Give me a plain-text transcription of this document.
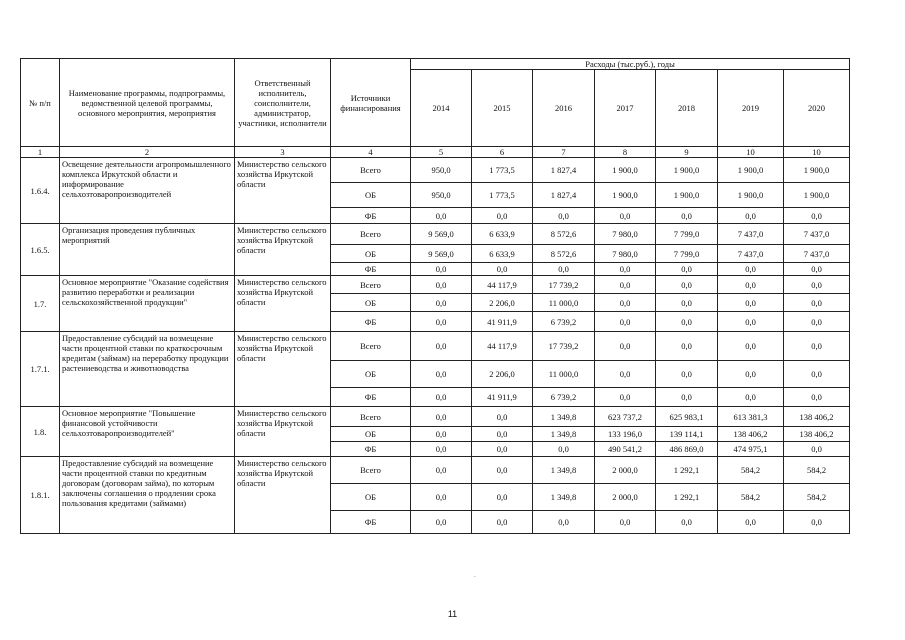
№ п/п	Наименование программы, подпрограммы, ведомственной целевой программы, основного мероприятия, мероприятия	Ответственный исполнитель, соисполнители, администратор, участники, исполнители	Источники финансирования	Расходы (тыс.руб.), годы						
				2014	2015	2016	2017	2018	2019	2020
1	2	3	4	5	6	7	8	9	10	10
1.6.4.	Освещение деятельности агропромышленного комплекса Иркутской области и информирование сельхозтоваропроизводителей	Министерство сельского хозяйства Иркутской области	Всего	950,0	1 773,5	1 827,4	1 900,0	1 900,0	1 900,0	1 900,0
			ОБ	950,0	1 773,5	1 827,4	1 900,0	1 900,0	1 900,0	1 900,0
			ФБ	0,0	0,0	0,0	0,0	0,0	0,0	0,0
1.6.5.	Организация проведения публичных мероприятий	Министерство сельского хозяйства Иркутской области	Всего	9 569,0	6 633,9	8 572,6	7 980,0	7 799,0	7 437,0	7 437,0
			ОБ	9 569,0	6 633,9	8 572,6	7 980,0	7 799,0	7 437,0	7 437,0
			ФБ	0,0	0,0	0,0	0,0	0,0	0,0	0,0
1.7.	Основное мероприятие "Оказание содействия развитию переработки и реализации сельскохозяйственной продукции"	Министерство сельского хозяйства Иркутской области	Всего	0,0	44 117,9	17 739,2	0,0	0,0	0,0	0,0
			ОБ	0,0	2 206,0	11 000,0	0,0	0,0	0,0	0,0
			ФБ	0,0	41 911,9	6 739,2	0,0	0,0	0,0	0,0
1.7.1.	Предоставление субсидий на возмещение части процентной ставки по краткосрочным кредитам (займам) на переработку продукции растениеводства и животноводства	Министерство сельского хозяйства Иркутской области	Всего	0,0	44 117,9	17 739,2	0,0	0,0	0,0	0,0
			ОБ	0,0	2 206,0	11 000,0	0,0	0,0	0,0	0,0
			ФБ	0,0	41 911,9	6 739,2	0,0	0,0	0,0	0,0
1.8.	Основное мероприятие "Повышение финансовой устойчивости сельхозтоваропроизводителей"	Министерство сельского хозяйства Иркутской области	Всего	0,0	0,0	1 349,8	623 737,2	625 983,1	613 381,3	138 406,2
			ОБ	0,0	0,0	1 349,8	133 196,0	139 114,1	138 406,2	138 406,2
			ФБ	0,0	0,0	0,0	490 541,2	486 869,0	474 975,1	0,0
1.8.1.	Предоставление субсидий на возмещение части процентной ставки по кредитным договорам (договорам займа), по которым заключены соглашения о продлении срока пользования кредитами (займами)	Министерство сельского хозяйства Иркутской области	Всего	0,0	0,0	1 349,8	2 000,0	1 292,1	584,2	584,2
			ОБ	0,0	0,0	1 349,8	2 000,0	1 292,1	584,2	584,2
			ФБ	0,0	0,0	0,0	0,0	0,0	0,0	0,0
.
11
